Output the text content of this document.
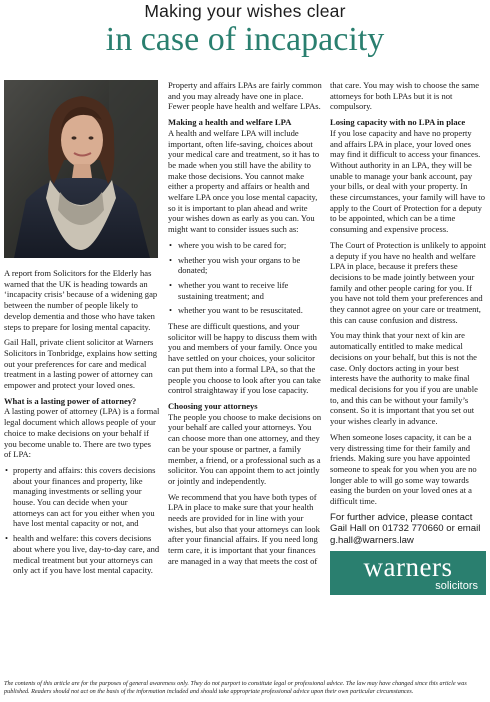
Making your wishes clear
in case of incapacity

A report from Solicitors for the Elderly has warned that the UK is heading towards an ‘incapacity crisis’ because of a widening gap between the number of people likely to develop dementia and those who have taken steps to prepare for losing mental capacity.

Gail Hall, private client solicitor at Warners Solicitors in Tonbridge, explains how setting out your preferences for care and medical treatment in a lasting power of attorney can empower and protect your loved ones.

What is a lasting power of attorney?

A lasting power of attorney (LPA) is a formal legal document which allows people of your choice to make decisions on your behalf if you become unable to. There are two types of LPA:

• property and affairs: this covers decisions about your finances and property, like managing investments or selling your house. You can decide when your attorneys can act for you either when you have lost mental capacity or not, and
• health and welfare: this covers decisions about where you live, day-to-day care, and medical treatment but your attorneys can only act if you have lost mental capacity.

Property and affairs LPAs are fairly common and you may already have one in place. Fewer people have health and welfare LPAs.

Making a health and welfare LPA

A health and welfare LPA will include important, often life-saving, choices about your medical care and treatment, so it has to be made when you still have the ability to make those decisions. You cannot make either a property and affairs or health and welfare LPA once you lose mental capacity, so it is important to plan ahead and write your wishes down as early as you can. You might want to consider issues such as:

• where you wish to be cared for;
• whether you wish your organs to be donated;
• whether you want to receive life sustaining treatment; and
• whether you want to be resuscitated.

These are difficult questions, and your solicitor will be happy to discuss them with you and members of your family. Once you have settled on your choices, your solicitor can put them into a formal LPA, so that the people you choose to look after you can take control straightaway if you lose capacity.

Choosing your attorneys

The people you choose to make decisions on your behalf are called your attorneys. You can choose more than one attorney, and they can be your spouse or partner, a family member, a friend, or a professional such as a solicitor. You can appoint them to act jointly or jointly and independently.

We recommend that you have both types of LPA in place to make sure that your health needs are provided for in line with your wishes, but also that your attorneys can look after your financial affairs. If you need long term care, it is important that your finances are managed in a way that meets the cost of

that care. You may wish to choose the same attorneys for both LPAs but it is not compulsory.

Losing capacity with no LPA in place

If you lose capacity and have no property and affairs LPA in place, your loved ones may find it difficult to access your finances. Without authority in an LPA, they will be unable to manage your bank account, pay your bills, or deal with your property. In these circumstances, your family will have to apply to the Court of Protection for a deputy to be appointed, which can be a time consuming and expensive process.

The Court of Protection is unlikely to appoint a deputy if you have no health and welfare LPA in place, because it prefers these decisions to be made jointly between your family and other people caring for you. If you have not told them your preferences and they cannot agree on your care or treatment, this can cause confusion and distress.

You may think that your next of kin are automatically entitled to make medical decisions on your behalf, but this is not the case. Only doctors acting in your best interests have the authority to make final medical decisions for you if you are unable to, and this can be without your family’s consent. So it is important that you set out your wishes clearly in advance.

When someone loses capacity, it can be a very distressing time for their family and friends. Making sure you have appointed someone to speak for you when you are no longer able to will go some way towards easing the burden on your loved ones at a difficult time.

For further advice, please contact
Gail Hall on 01732 770660 or email
g.hall@warners.law
warners
solicitors
The contents of this article are for the purposes of general awareness only. They do not purport to constitute legal or professional advice. The law may have changed since this article was published. Readers should not act on the basis of the information included and should take appropriate professional advice upon their own particular circumstances.
